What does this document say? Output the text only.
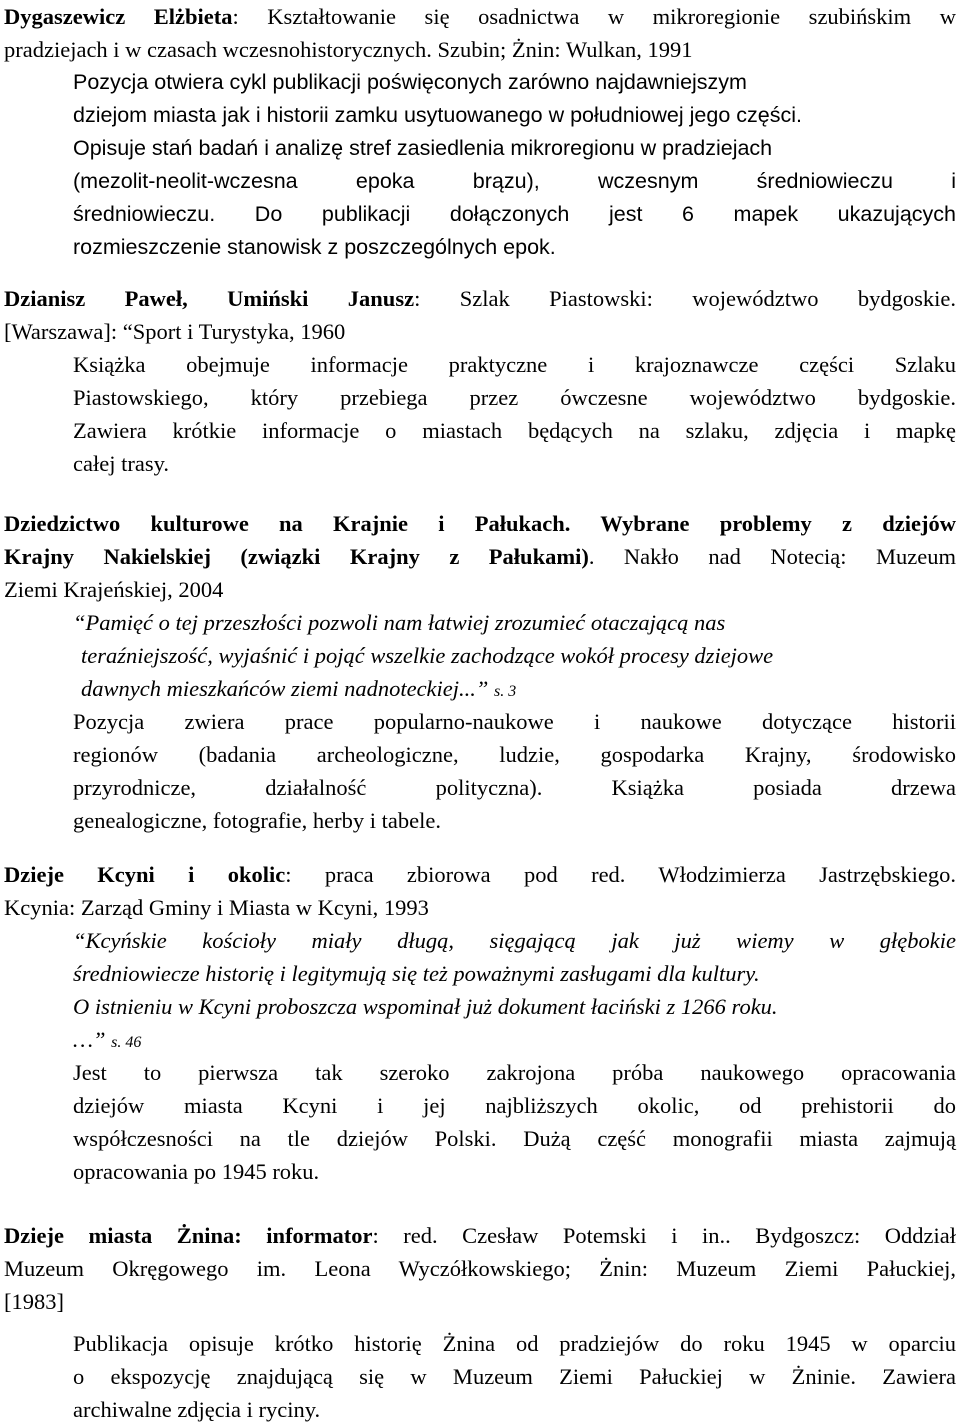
Dygaszewicz Elżbieta: Kształtowanie się osadnictwa w mikroregionie szubińskim w
pradziejach i w czasach wczesnohistorycznych. Szubin; Żnin: Wulkan, 1991
Pozycja otwiera cykl publikacji poświęconych zarówno najdawniejszym
dziejom miasta jak i historii zamku usytuowanego w południowej jego części.
Opisuje stań badań i analizę stref zasiedlenia mikroregionu w pradziejach
(mezolit-neolit-wczesna epoka brązu), wczesnym średniowieczu i
średniowieczu. Do publikacji dołączonych jest 6 mapek ukazujących
rozmieszczenie stanowisk z poszczególnych epok.
Dzianisz Paweł, Umiński Janusz: Szlak Piastowski: województwo bydgoskie.
[Warszawa]: “Sport i Turystyka, 1960
Książka obejmuje informacje praktyczne i krajoznawcze części Szlaku
Piastowskiego, który przebiega przez ówczesne województwo bydgoskie.
Zawiera krótkie informacje o miastach będących na szlaku, zdjęcia i mapkę
całej trasy.
Dziedzictwo kulturowe na Krajnie i Pałukach. Wybrane problemy z dziejów
Krajny Nakielskiej (związki Krajny z Pałukami). Nakło nad Notecią: Muzeum
Ziemi Krajeńskiej, 2004
“Pamięć o tej przeszłości pozwoli nam łatwiej zrozumieć otaczającą nas
teraźniejszość, wyjaśnić i pojąć wszelkie zachodzące wokół procesy dziejowe
dawnych mieszkańców ziemi nadnoteckiej...” s. 3
Pozycja zwiera prace popularno-naukowe i naukowe dotyczące historii
regionów (badania archeologiczne, ludzie, gospodarka Krajny, środowisko
przyrodnicze, działalność polityczna). Książka posiada drzewa
genealogiczne, fotografie, herby i tabele.
Dzieje Kcyni i okolic: praca zbiorowa pod red. Włodzimierza Jastrzębskiego.
Kcynia: Zarząd Gminy i Miasta w Kcyni, 1993
“Kcyńskie kościoły miały długą, sięgającą jak już wiemy w głębokie
średniowiecze historię i legitymują się też poważnymi zasługami dla kultury.
O istnieniu w Kcyni proboszcza wspominał już dokument łaciński z 1266 roku.
…” s. 46
Jest to pierwsza tak szeroko zakrojona próba naukowego opracowania
dziejów miasta Kcyni i jej najbliższych okolic, od prehistorii do
współczesności na tle dziejów Polski. Dużą część monografii miasta zajmują
opracowania po 1945 roku.
Dzieje miasta Żnina: informator: red. Czesław Potemski i in.. Bydgoszcz: Oddział
Muzeum Okręgowego im. Leona Wyczółkowskiego; Żnin: Muzeum Ziemi Pałuckiej,
[1983]
Publikacja opisuje krótko historię Żnina od pradziejów do roku 1945 w oparciu
o ekspozycję znajdującą się w Muzeum Ziemi Pałuckiej w Żninie. Zawiera
archiwalne zdjęcia i ryciny.
